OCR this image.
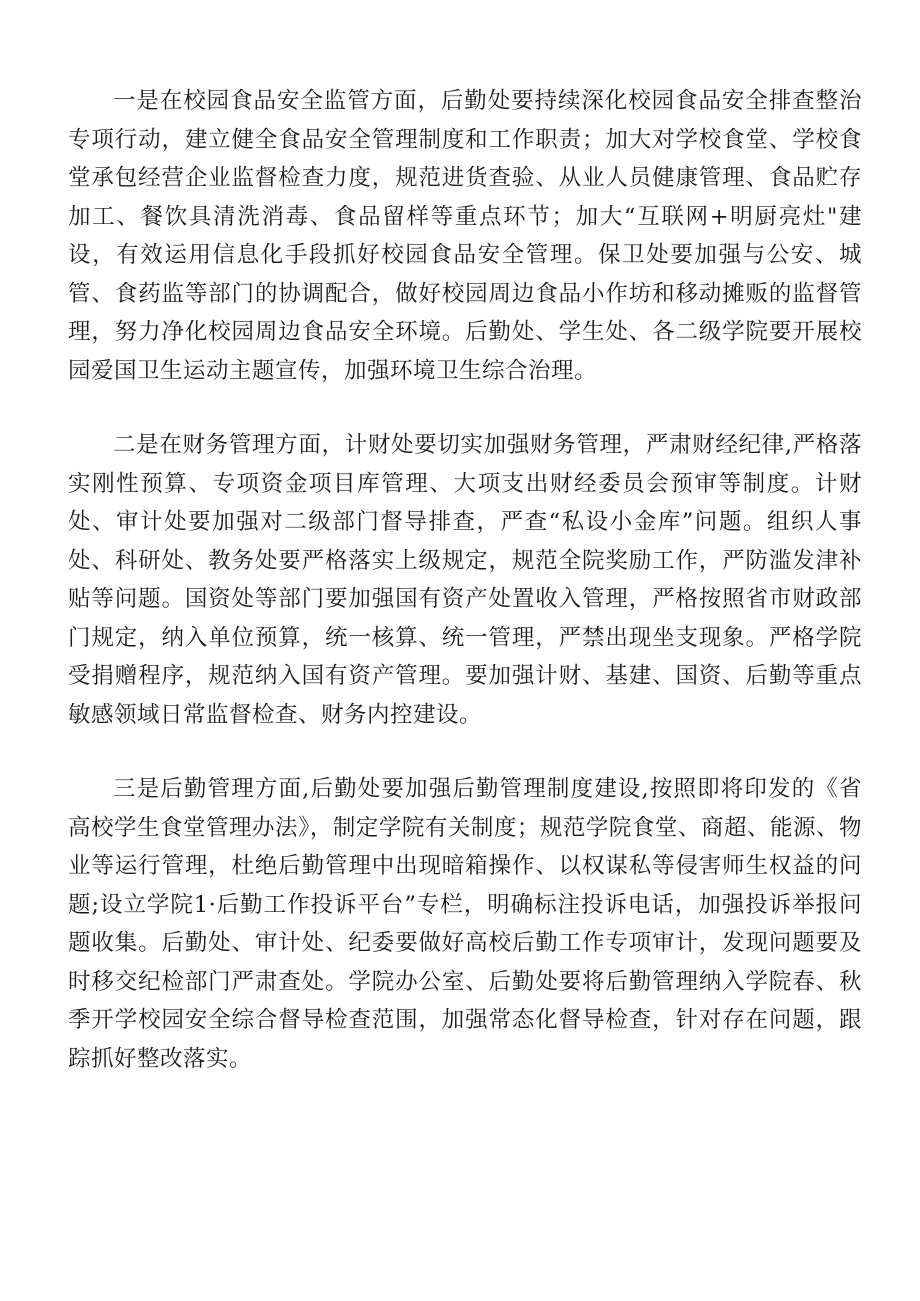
一是在校园食品安全监管方面，后勤处要持续深化校园食品安全排查整治专项行动，建立健全食品安全管理制度和工作职责；加大对学校食堂、学校食堂承包经营企业监督检查力度，规范进货查验、从业人员健康管理、食品贮存加工、餐饮具清洗消毒、食品留样等重点环节；加大“互联网+明厨亮灶"建设，有效运用信息化手段抓好校园食品安全管理。保卫处要加强与公安、城管、食药监等部门的协调配合，做好校园周边食品小作坊和移动摊贩的监督管理，努力净化校园周边食品安全环境。后勤处、学生处、各二级学院要开展校园爱国卫生运动主题宣传，加强环境卫生综合治理。

二是在财务管理方面，计财处要切实加强财务管理，严肃财经纪律,严格落实刚性预算、专项资金项目库管理、大项支出财经委员会预审等制度。计财处、审计处要加强对二级部门督导排查，严查“私设小金库”问题。组织人事处、科研处、教务处要严格落实上级规定，规范全院奖励工作，严防滥发津补贴等问题。国资处等部门要加强国有资产处置收入管理，严格按照省市财政部门规定，纳入单位预算，统一核算、统一管理，严禁出现坐支现象。严格学院受捐赠程序，规范纳入国有资产管理。要加强计财、基建、国资、后勤等重点敏感领域日常监督检查、财务内控建设。

三是后勤管理方面,后勤处要加强后勤管理制度建设,按照即将印发的《省高校学生食堂管理办法》，制定学院有关制度；规范学院食堂、商超、能源、物业等运行管理，杜绝后勤管理中出现暗箱操作、以权谋私等侵害师生权益的问题;设立学院1·后勤工作投诉平台”专栏，明确标注投诉电话，加强投诉举报问题收集。后勤处、审计处、纪委要做好高校后勤工作专项审计，发现问题要及时移交纪检部门严肃查处。学院办公室、后勤处要将后勤管理纳入学院春、秋季开学校园安全综合督导检查范围，加强常态化督导检查，针对存在问题，跟踪抓好整改落实。
